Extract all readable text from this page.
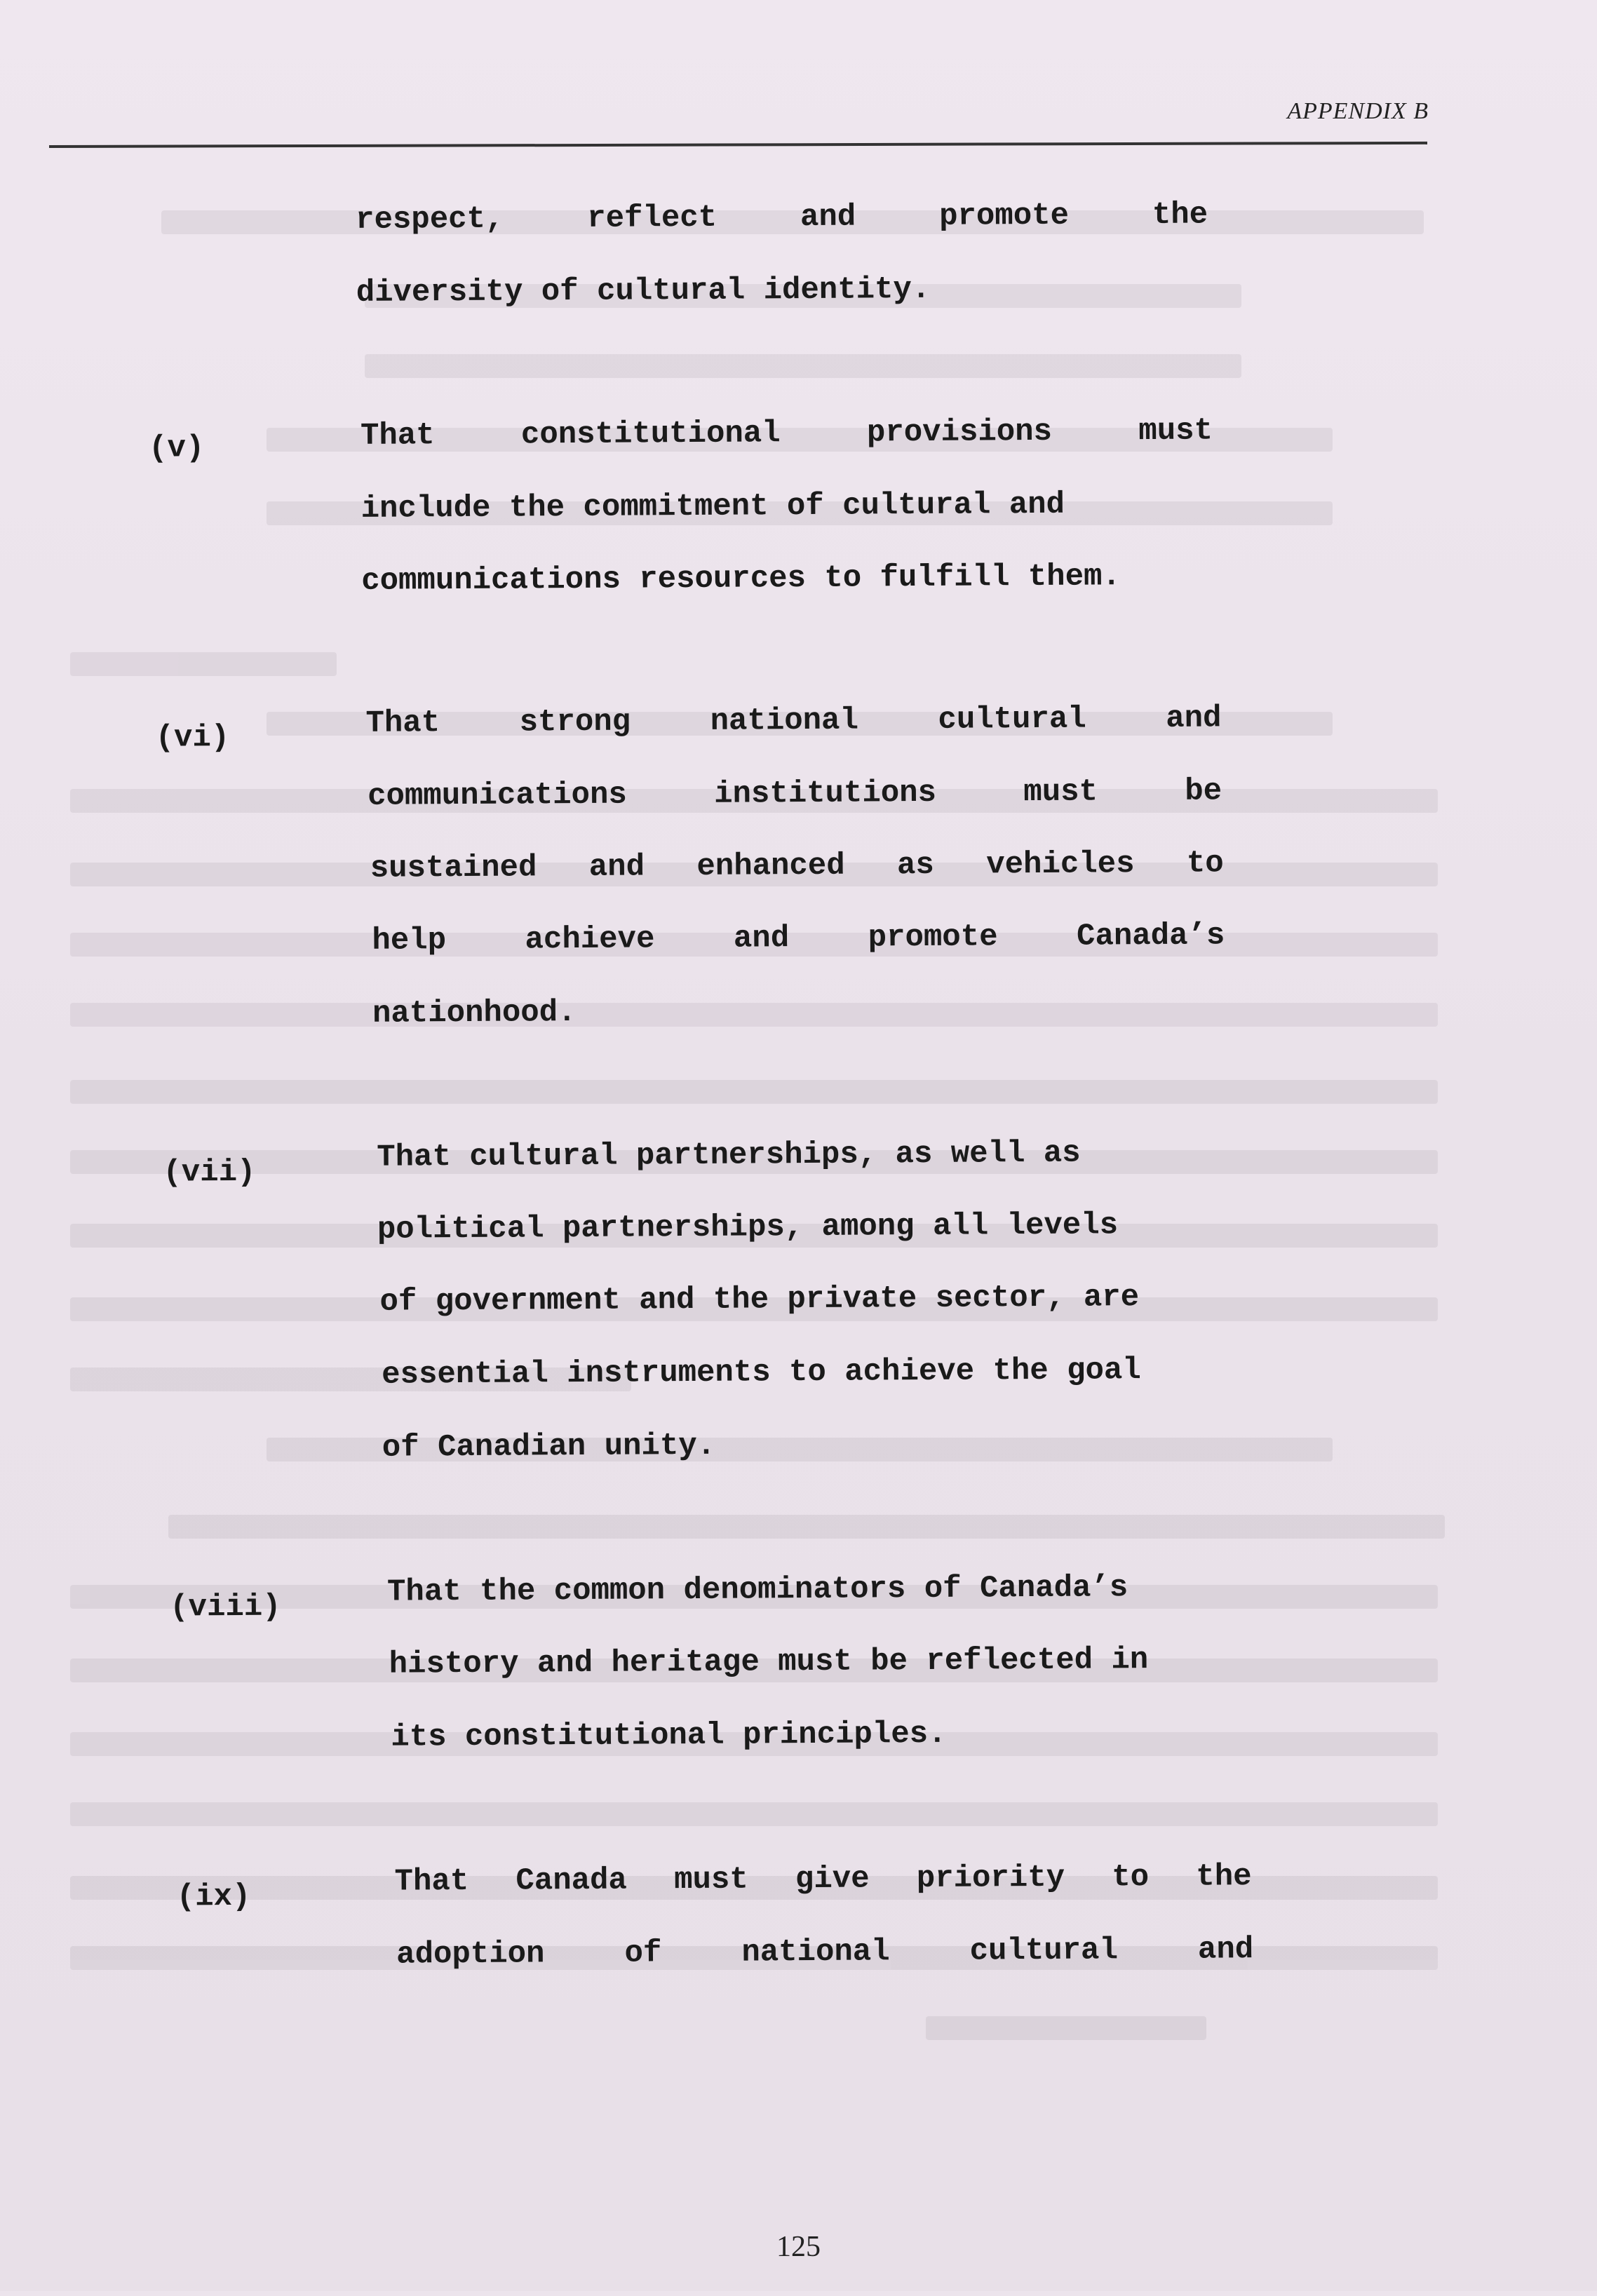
APPENDIX B
respect,	reflect	and	promote	the
diversity of cultural identity.
(v)	That	constitutional	provisions	must
include the commitment of cultural and
communications resources to fulfill them.
(vi)	That	strong	national	cultural	and
communications	institutions	must	be
sustained and enhanced as vehicles to
help	achieve	and	promote	Canada’s
nationhood.
(vii)	That cultural partnerships, as well as
political partnerships, among all levels
of government and the private sector, are
essential instruments to achieve the goal
of Canadian unity.
(viii)	That the common denominators of Canada’s
history and heritage must be reflected in
its constitutional principles.
(ix)	That Canada must give priority to the
adoption	of	national	cultural	and
125
